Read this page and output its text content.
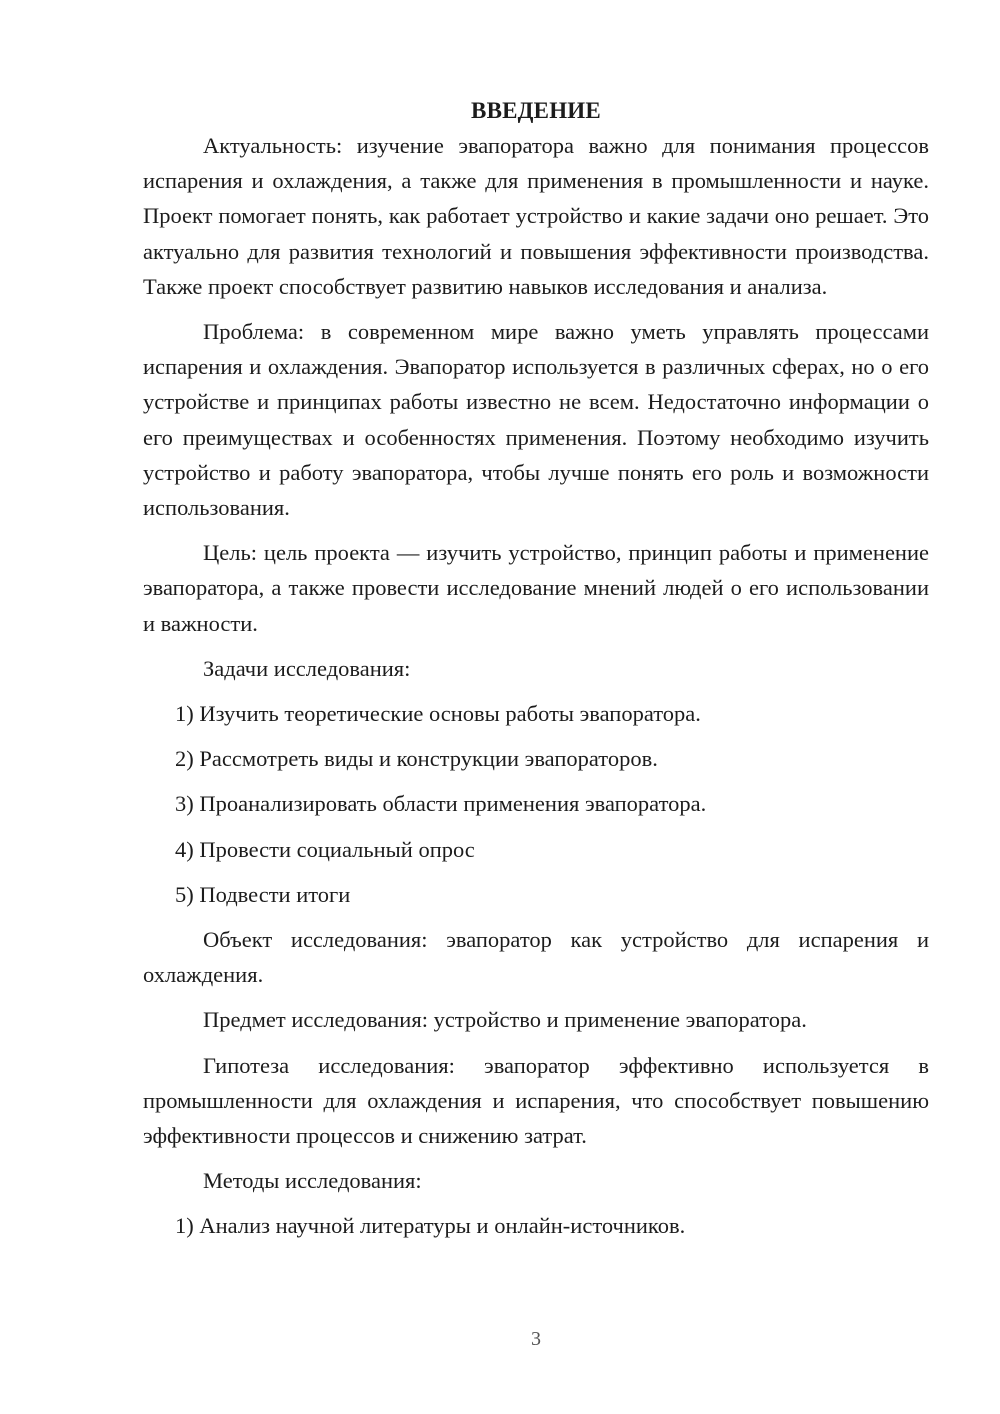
ВВЕДЕНИЕ

Актуальность: изучение эвапоратора важно для понимания процессов испарения и охлаждения, а также для применения в промышленности и науке. Проект помогает понять, как работает устройство и какие задачи оно решает. Это актуально для развития технологий и повышения эффективности производства. Также проект способствует развитию навыков исследования и анализа.

Проблема: в современном мире важно уметь управлять процессами испарения и охлаждения. Эвапоратор используется в различных сферах, но о его устройстве и принципах работы известно не всем. Недостаточно информации о его преимуществах и особенностях применения. Поэтому необходимо изучить устройство и работу эвапоратора, чтобы лучше понять его роль и возможности использования.

Цель: цель проекта — изучить устройство, принцип работы и применение эвапоратора, а также провести исследование мнений людей о его использовании и важности.

Задачи исследования:

1) Изучить теоретические основы работы эвапоратора.
2) Рассмотреть виды и конструкции эвапораторов.
3) Проанализировать области применения эвапоратора.
4) Провести социальный опрос
5) Подвести итоги

Объект исследования: эвапоратор как устройство для испарения и охлаждения.

Предмет исследования: устройство и применение эвапоратора.

Гипотеза исследования: эвапоратор эффективно используется в промышленности для охлаждения и испарения, что способствует повышению эффективности процессов и снижению затрат.

Методы исследования:

1) Анализ научной литературы и онлайн-источников.
3
